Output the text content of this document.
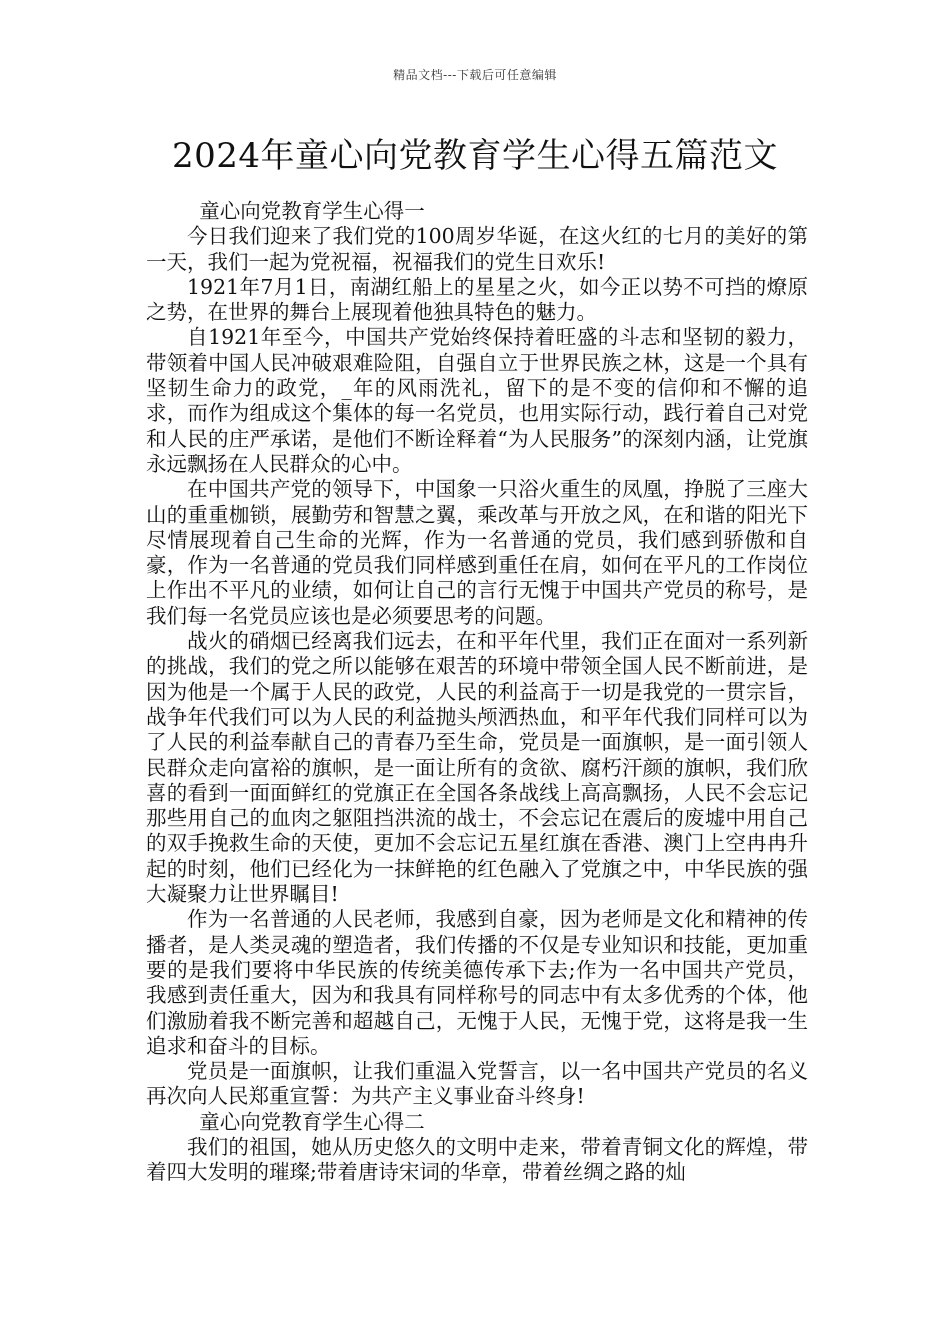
精品文档---下载后可任意编辑
2024年童心向党教育学生心得五篇范文

童心向党教育学生心得一

今日我们迎来了我们党的100周岁华诞，在这火红的七月的美好的第一天，我们一起为党祝福，祝福我们的党生日欢乐!

1921年7月1日，南湖红船上的星星之火，如今正以势不可挡的燎原之势，在世界的舞台上展现着他独具特色的魅力。

自1921年至今，中国共产党始终保持着旺盛的斗志和坚韧的毅力，带领着中国人民冲破艰难险阻，自强自立于世界民族之林，这是一个具有坚韧生命力的政党，_年的风雨洗礼，留下的是不变的信仰和不懈的追求，而作为组成这个集体的每一名党员，也用实际行动，践行着自己对党和人民的庄严承诺，是他们不断诠释着“为人民服务”的深刻内涵，让党旗永远飘扬在人民群众的心中。

在中国共产党的领导下，中国象一只浴火重生的凤凰，挣脱了三座大山的重重枷锁，展勤劳和智慧之翼，乘改革与开放之风，在和谐的阳光下尽情展现着自己生命的光辉，作为一名普通的党员，我们感到骄傲和自豪，作为一名普通的党员我们同样感到重任在肩，如何在平凡的工作岗位上作出不平凡的业绩，如何让自己的言行无愧于中国共产党员的称号，是我们每一名党员应该也是必须要思考的问题。

战火的硝烟已经离我们远去，在和平年代里，我们正在面对一系列新的挑战，我们的党之所以能够在艰苦的环境中带领全国人民不断前进，是因为他是一个属于人民的政党，人民的利益高于一切是我党的一贯宗旨，战争年代我们可以为人民的利益抛头颅洒热血，和平年代我们同样可以为了人民的利益奉献自己的青春乃至生命，党员是一面旗帜，是一面引领人民群众走向富裕的旗帜，是一面让所有的贪欲、腐朽汗颜的旗帜，我们欣喜的看到一面面鲜红的党旗正在全国各条战线上高高飘扬，人民不会忘记那些用自己的血肉之躯阻挡洪流的战士，不会忘记在震后的废墟中用自己的双手挽救生命的天使，更加不会忘记五星红旗在香港、澳门上空冉冉升起的时刻，他们已经化为一抹鲜艳的红色融入了党旗之中，中华民族的强大凝聚力让世界瞩目!

作为一名普通的人民老师，我感到自豪，因为老师是文化和精神的传播者，是人类灵魂的塑造者，我们传播的不仅是专业知识和技能，更加重要的是我们要将中华民族的传统美德传承下去;作为一名中国共产党员，我感到责任重大，因为和我具有同样称号的同志中有太多优秀的个体，他们激励着我不断完善和超越自己，无愧于人民，无愧于党，这将是我一生追求和奋斗的目标。

党员是一面旗帜，让我们重温入党誓言，以一名中国共产党员的名义再次向人民郑重宣誓：为共产主义事业奋斗终身!

童心向党教育学生心得二

我们的祖国，她从历史悠久的文明中走来，带着青铜文化的辉煌，带着四大发明的璀璨;带着唐诗宋词的华章，带着丝绸之路的灿
